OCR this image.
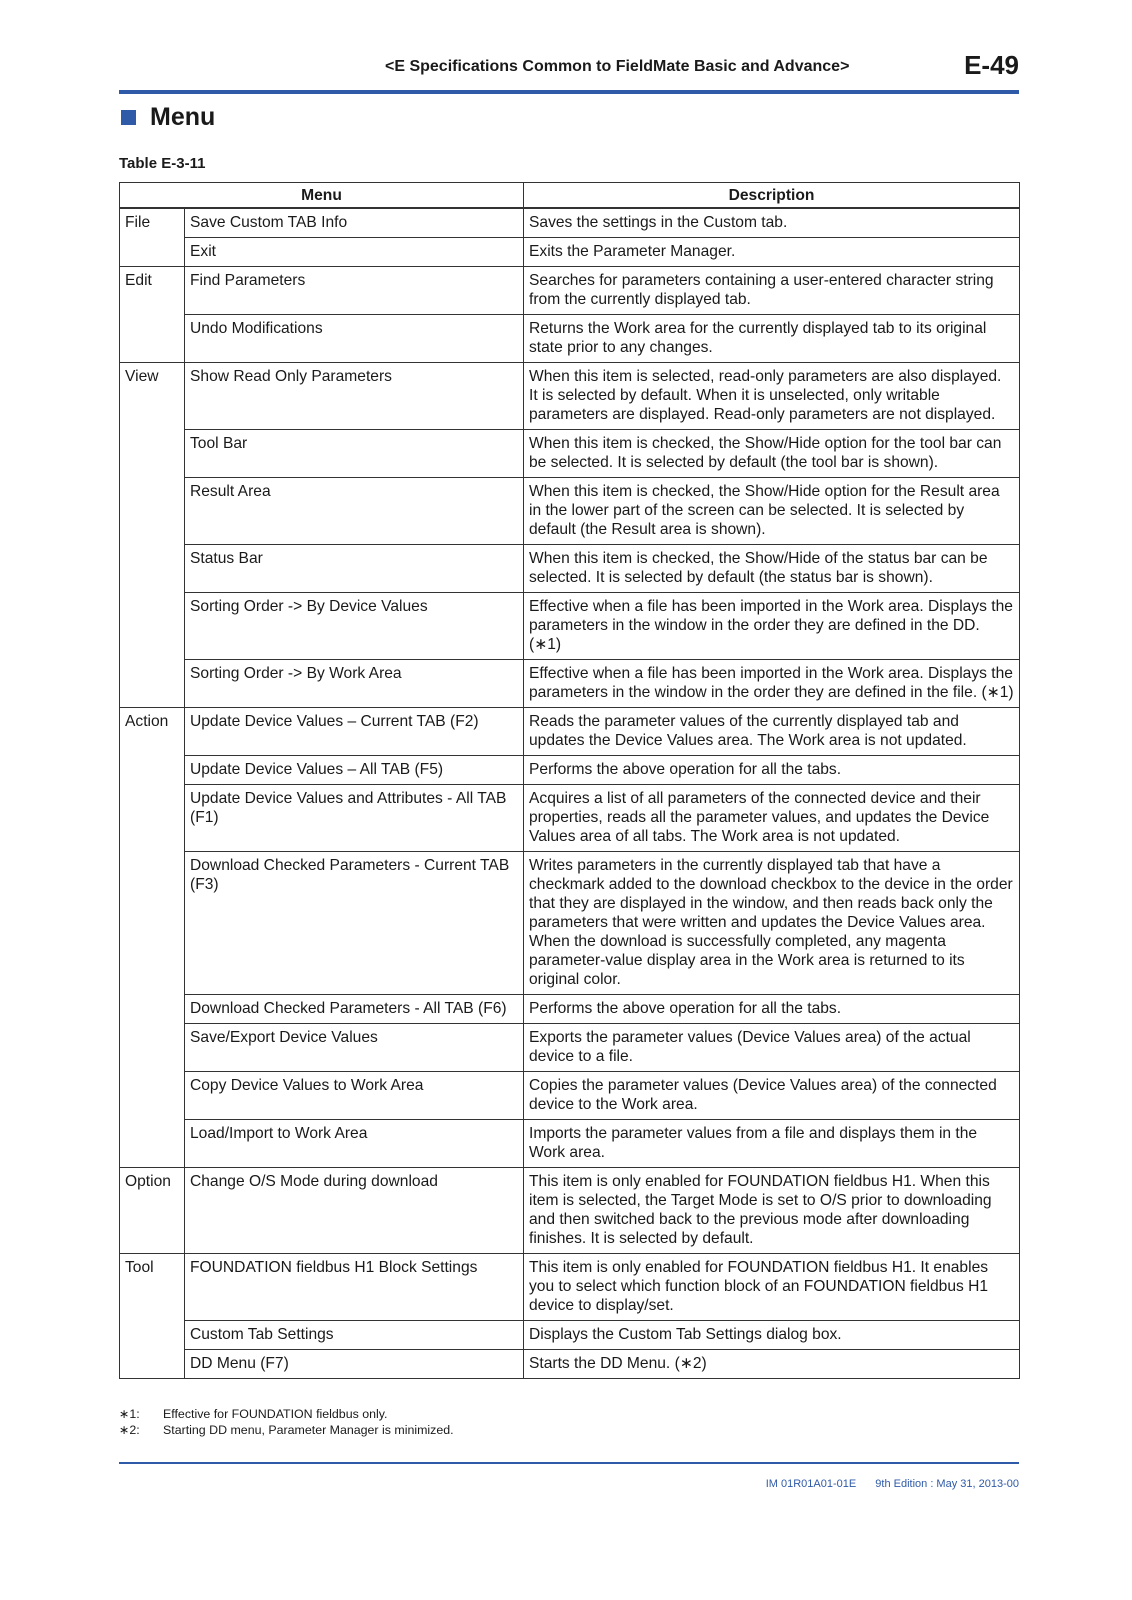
<E Specifications Common to FieldMate Basic and Advance>	E-49
Menu
Table E-3-11
Menu		Description
File	Save Custom TAB Info	Saves the settings in the Custom tab.

	Exit	Exits the Parameter Manager.

Edit	Find Parameters	Searches for parameters containing a user-entered character string from the currently displayed tab.

	Undo Modifications	Returns the Work area for the currently displayed tab to its original state prior to any changes.

View	Show Read Only Parameters	When this item is selected, read-only parameters are also displayed. It is selected by default. When it is unselected, only writable parameters are displayed. Read-only parameters are not displayed.

	Tool Bar	When this item is checked, the Show/Hide option for the tool bar can be selected. It is selected by default (the tool bar is shown).

	Result Area	When this item is checked, the Show/Hide option for the Result area in the lower part of the screen can be selected. It is selected by default (the Result area is shown).

	Status Bar	When this item is checked, the Show/Hide of the status bar can be selected. It is selected by default (the status bar is shown).

	Sorting Order -> By Device Values	Effective when a file has been imported in the Work area. Displays the parameters in the window in the order they are defined in the DD. (∗1)

	Sorting Order -> By Work Area	Effective when a file has been imported in the Work area. Displays the parameters in the window in the order they are defined in the file. (∗1)

Action	Update Device Values – Current TAB (F2)	Reads the parameter values of the currently displayed tab and updates the Device Values area. The Work area is not updated.

	Update Device Values – All TAB (F5)	Performs the above operation for all the tabs.

	Update Device Values and Attributes - All TAB (F1)	Acquires a list of all parameters of the connected device and their properties, reads all the parameter values, and updates the Device Values area of all tabs. The Work area is not updated.

	Download Checked Parameters - Current TAB (F3)	Writes parameters in the currently displayed tab that have a checkmark added to the download checkbox to the device in the order that they are displayed in the window, and then reads back only the parameters that were written and updates the Device Values area.
When the download is successfully completed, any magenta parameter-value display area in the Work area is returned to its original color.

	Download Checked Parameters - All TAB (F6)	Performs the above operation for all the tabs.

	Save/Export Device Values	Exports the parameter values (Device Values area) of the actual device to a file.

	Copy Device Values to Work Area	Copies the parameter values (Device Values area) of the connected device to the Work area.

	Load/Import to Work Area	Imports the parameter values from a file and displays them in the Work area.

Option	Change O/S Mode during download	This item is only enabled for FOUNDATION fieldbus H1. When this item is selected, the Target Mode is set to O/S prior to downloading and then switched back to the previous mode after downloading finishes. It is selected by default.

Tool	FOUNDATION fieldbus H1 Block Settings	This item is only enabled for FOUNDATION fieldbus H1. It enables you to select which function block of an FOUNDATION fieldbus H1 device to display/set.

	Custom Tab Settings	Displays the Custom Tab Settings dialog box.

	DD Menu (F7)	Starts the DD Menu. (∗2)
∗1:	Effective for FOUNDATION fieldbus only.
∗2:	Starting DD menu, Parameter Manager is minimized.
IM 01R01A01-01E 9th Edition : May 31, 2013-00
